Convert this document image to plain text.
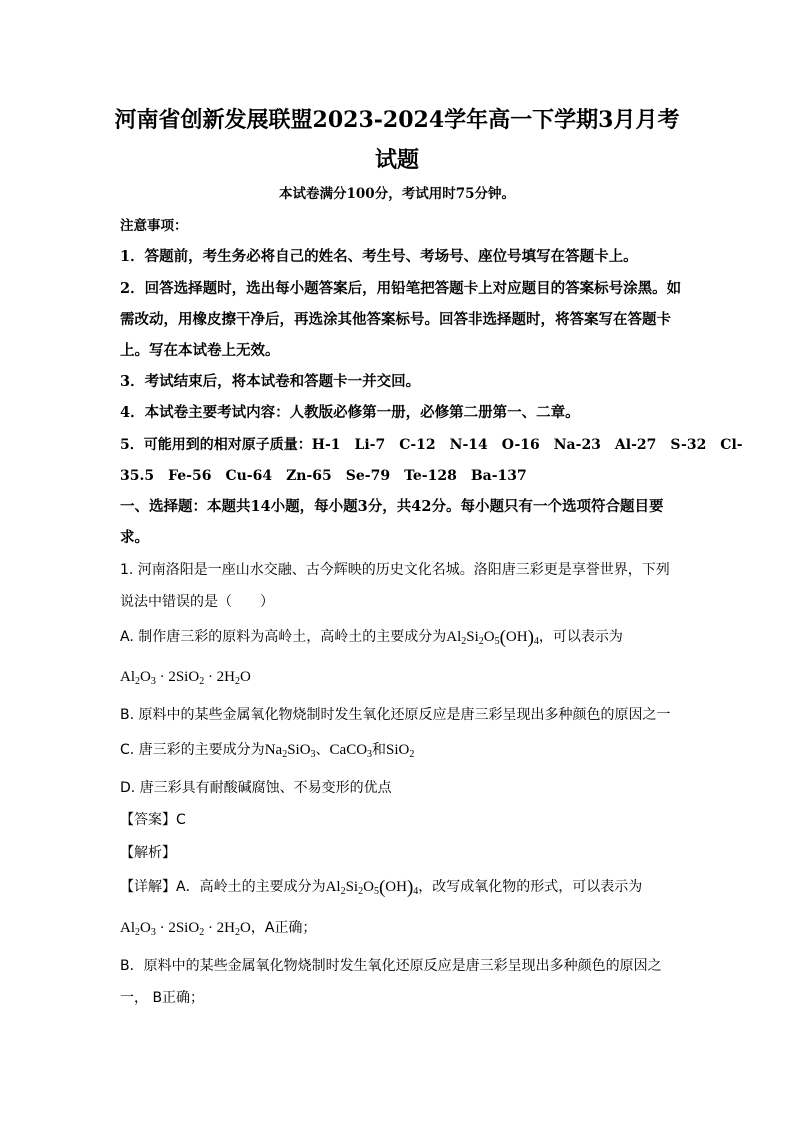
河南省创新发展联盟2023-2024学年高一下学期3月月考
试题
本试卷满分100分，考试用时75分钟。
注意事项：
1．答题前，考生务必将自己的姓名、考生号、考场号、座位号填写在答题卡上。
2．回答选择题时，选出每小题答案后，用铅笔把答题卡上对应题目的答案标号涂黑。如
需改动，用橡皮擦干净后，再选涂其他答案标号。回答非选择题时，将答案写在答题卡
上。写在本试卷上无效。
3．考试结束后，将本试卷和答题卡一并交回。
4．本试卷主要考试内容：人教版必修第一册，必修第二册第一、二章。
5．可能用到的相对原子质量：H-1　Li-7　C-12　N-14　O-16　Na-23　Al-27　S-32　Cl-
35.5　Fe-56　Cu-64　Zn-65　Se-79　Te-128　Ba-137
一、选择题：本题共14小题，每小题3分，共42分。每小题只有一个选项符合题目要
求。
1. 河南洛阳是一座山水交融、古今辉映的历史文化名城。洛阳唐三彩更是享誉世界，下列
说法中错误的是（　　）
A. 制作唐三彩的原料为高岭土，高岭土的主要成分为$Al_2Si_2O_5(OH)_4$，可以表示为
$Al_2O_3 \cdot 2SiO_2 \cdot 2H_2O$
B. 原料中的某些金属氧化物烧制时发生氧化还原反应是唐三彩呈现出多种颜色的原因之一
C. 唐三彩的主要成分为$Na_2SiO_3$、CaCO$_3$和SiO$_2$
D. 唐三彩具有耐酸碱腐蚀、不易变形的优点
【答案】C
【解析】
【详解】A．高岭土的主要成分为$Al_2Si_2O_5(OH)_4$，改写成氧化物的形式，可以表示为
$Al_2O_3 \cdot 2SiO_2 \cdot 2H_2O$，A正确；
B．原料中的某些金属氧化物烧制时发生氧化还原反应是唐三彩呈现出多种颜色的原因之
一， B正确；
